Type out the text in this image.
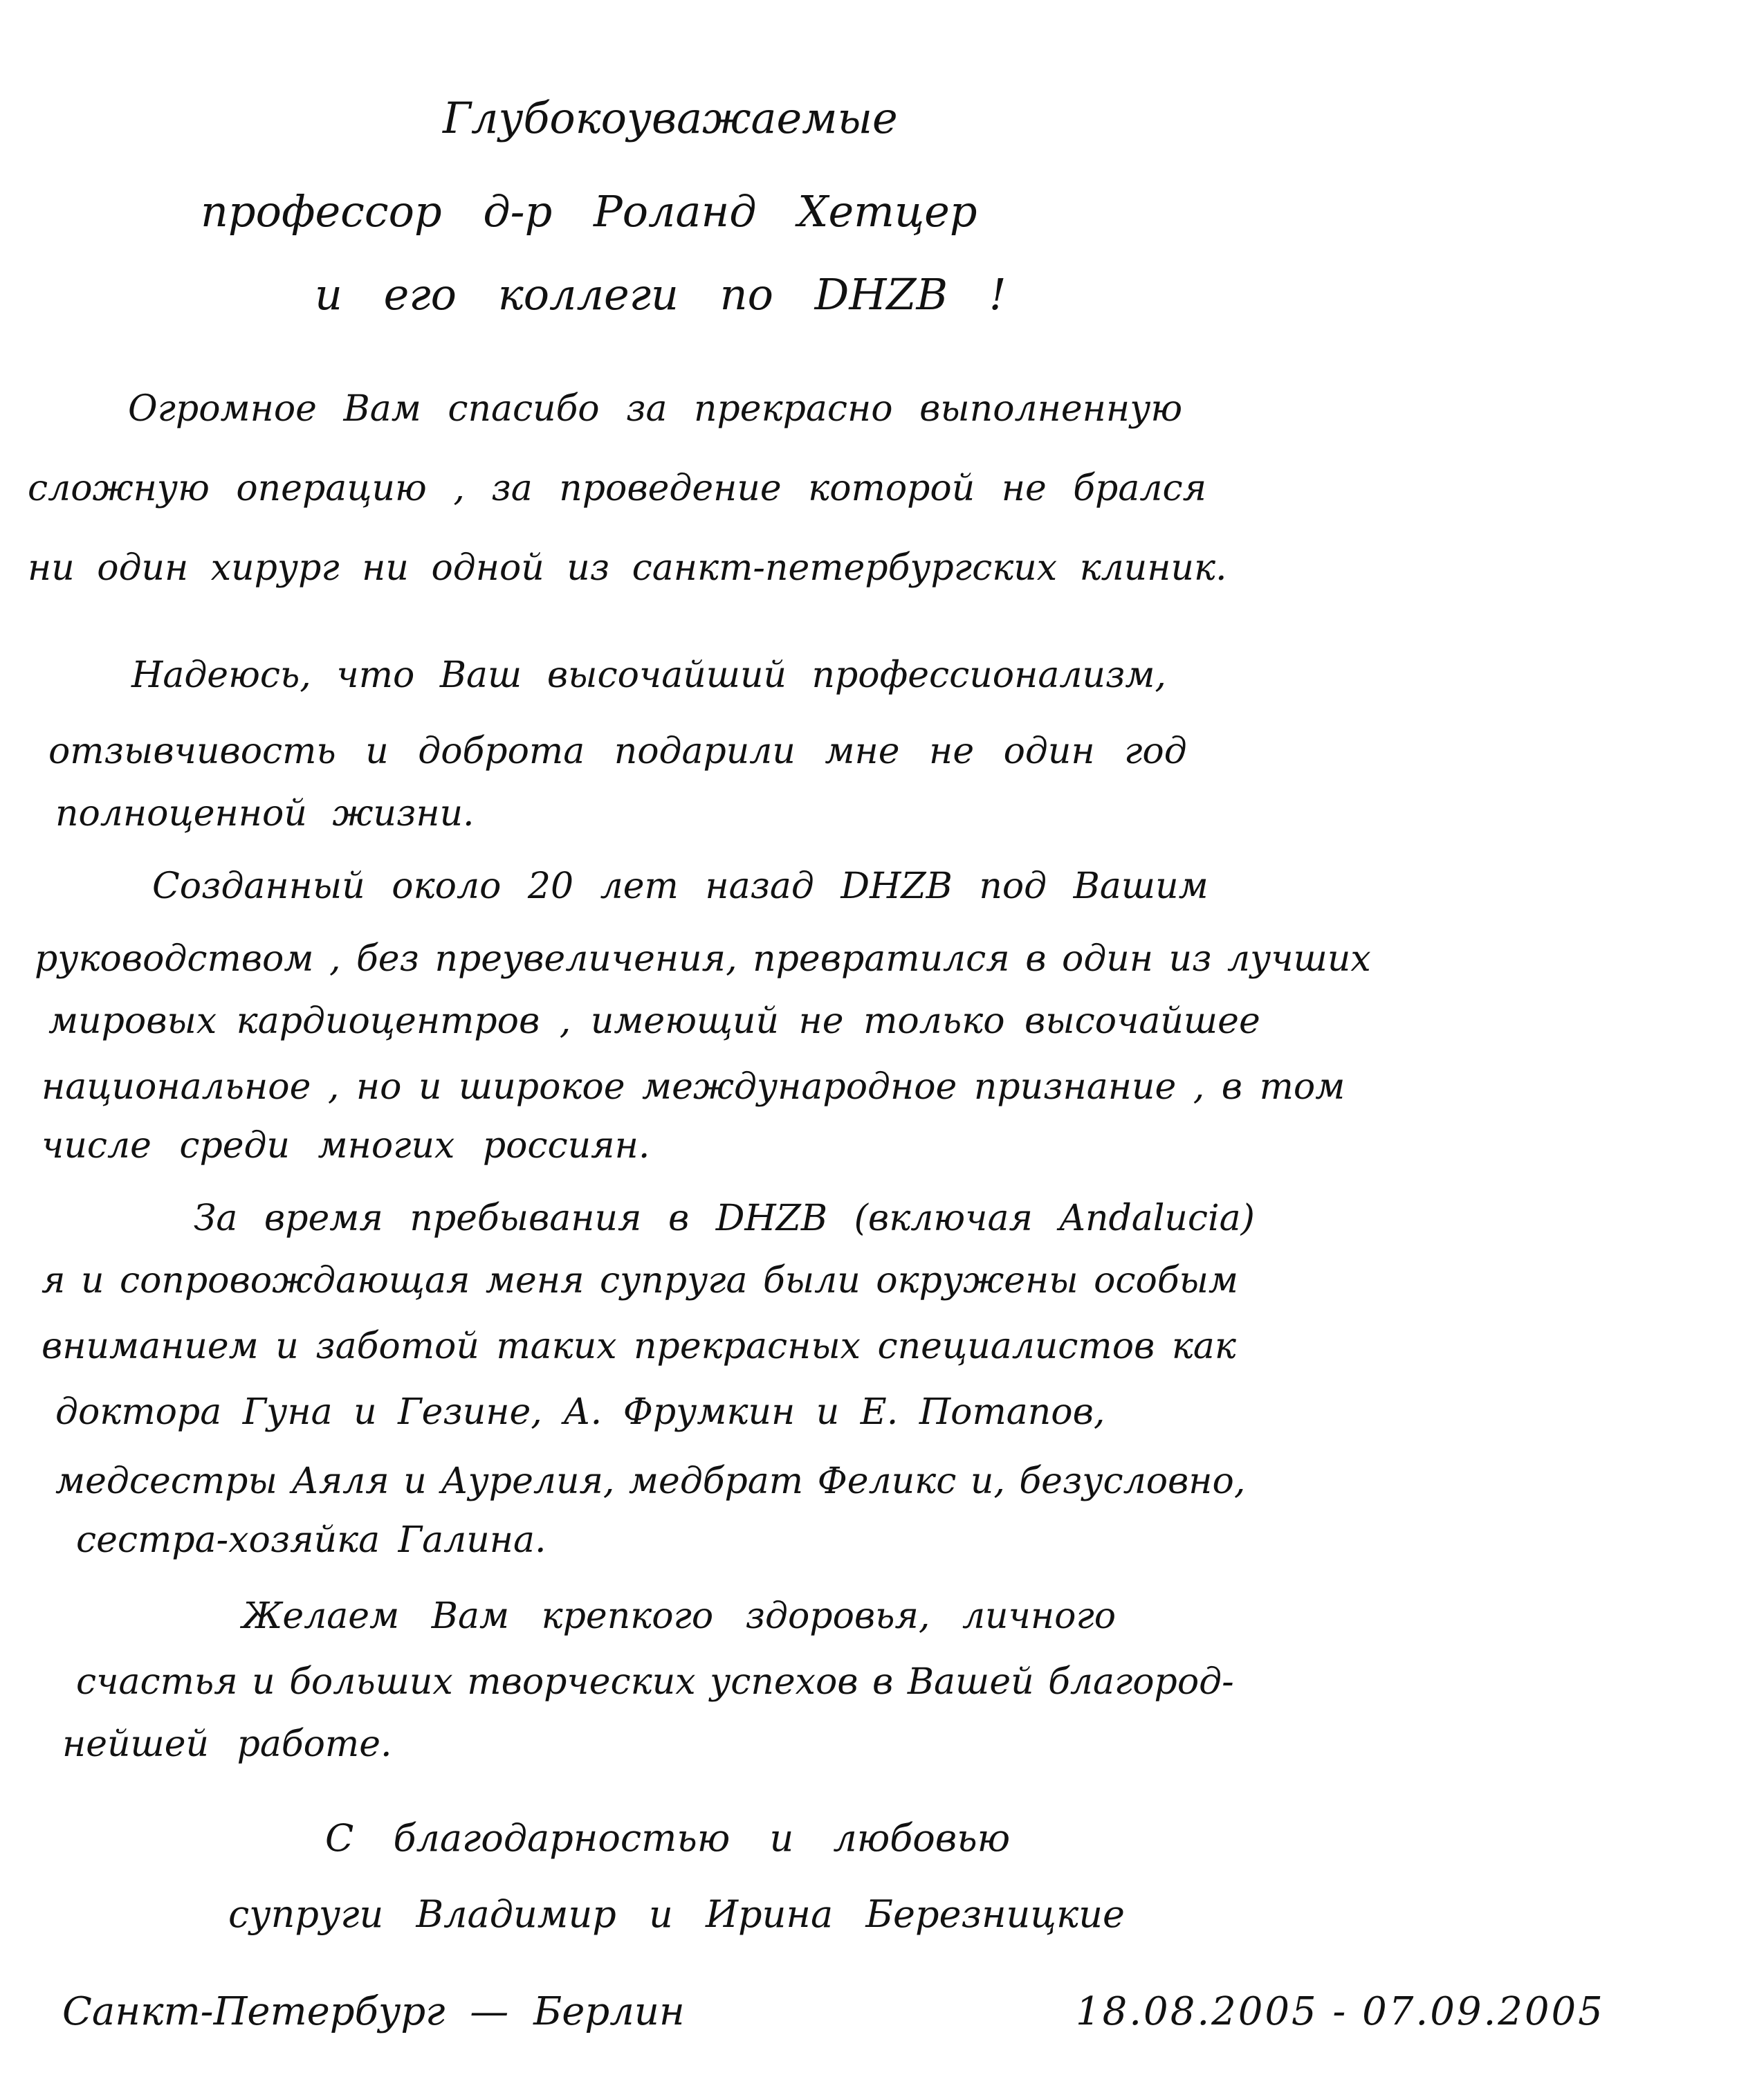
Глубокоуважаемые
профессор д-р Роланд Хетцер
и его коллеги по DHZB !
Огромное Вам спасибо за прекрасно выполненную
сложную операцию , за проведение которой не брался
ни один хирург ни одной из санкт-петербургских клиник.
Надеюсь, что Ваш высочайший профессионализм,
отзывчивость и доброта подарили мне не один год
полноценной жизни.
Созданный около 20 лет назад DHZB под Вашим
руководством , без преувеличения, превратился в один из лучших
мировых кардиоцентров , имеющий не только высочайшее
национальное , но и широкое международное признание , в том
числе среди многих россиян.
За время пребывания в DHZB (включая Andalucia)
я и сопровождающая меня супруга были окружены особым
вниманием и заботой таких прекрасных специалистов как
доктора Гуна и Гезине, А. Фрумкин и Е. Потапов,
медсестры Аяля и Аурелия, медбрат Феликс и, безусловно,
сестра-хозяйка Галина.
Желаем Вам крепкого здоровья, личного
счастья и больших творческих успехов в Вашей благород-
нейшей работе.
С благодарностью и любовью
супруги Владимир и Ирина Березницкие
Санкт-Петербург — Берлин	18.08.2005 - 07.09.2005
